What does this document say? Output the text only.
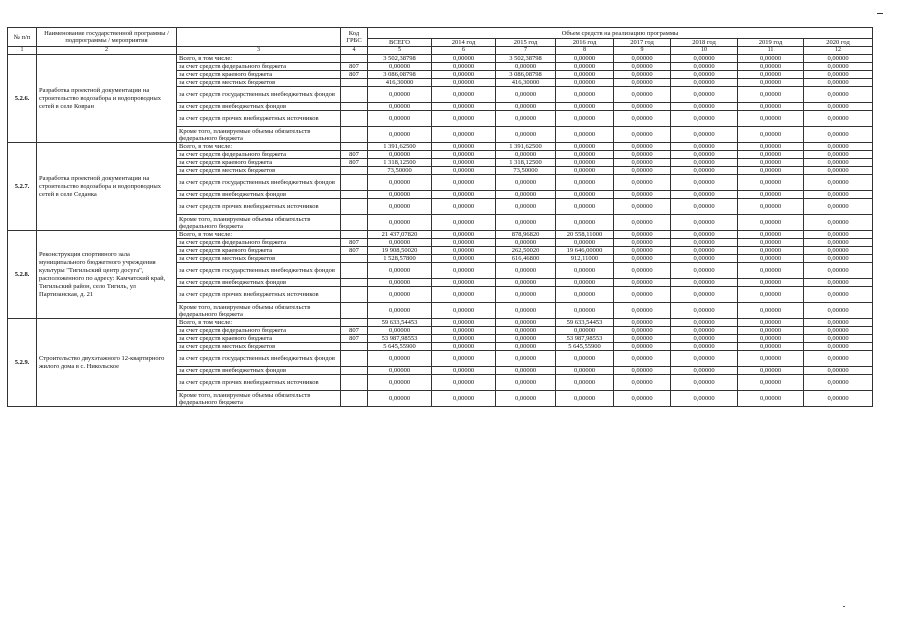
№ п/п	Наименование государственной программы / подпрограммы / мероприятия		Код ГРБС	Объем средств на реализацию программы							
				ВСЕГО	2014 год	2015 год	2016 год	2017 год	2018 год	2019 год	2020 год
1	2	3	4	5	6	7	8	9	10	11	12
5.2.6.	Разработка проектной документации на строительство водозабора и водопроводных сетей в селе Ковран	Всего, в том числе:		3 502,38798	0,00000	3 502,38798	0,00000	0,00000	0,00000	0,00000	0,00000
		за счет средств федерального бюджета	807	0,00000	0,00000	0,00000	0,00000	0,00000	0,00000	0,00000	0,00000
		за счет средств краевого бюджета	807	3 086,08798	0,00000	3 086,08798	0,00000	0,00000	0,00000	0,00000	0,00000
		за счет средств местных бюджетов		416,30000	0,00000	416,30000	0,00000	0,00000	0,00000	0,00000	0,00000
		за счет средств государственных внебюджетных фондов		0,00000	0,00000	0,00000	0,00000	0,00000	0,00000	0,00000	0,00000
		за счет средств внебюджетных фондов		0,00000	0,00000	0,00000	0,00000	0,00000	0,00000	0,00000	0,00000
		за счет средств прочих внебюджетных источников		0,00000	0,00000	0,00000	0,00000	0,00000	0,00000	0,00000	0,00000
		Кроме того, планируемые объемы обязательств федерального бюджета		0,00000	0,00000	0,00000	0,00000	0,00000	0,00000	0,00000	0,00000
5.2.7.	Разработка проектной документации на строительство водозабора и водопроводных сетей в селе Седанка	Всего, в том числе:		1 391,62500	0,00000	1 391,62500	0,00000	0,00000	0,00000	0,00000	0,00000
		за счет средств федерального бюджета	807	0,00000	0,00000	0,00000	0,00000	0,00000	0,00000	0,00000	0,00000
		за счет средств краевого бюджета	807	1 318,12500	0,00000	1 318,12500	0,00000	0,00000	0,00000	0,00000	0,00000
		за счет средств местных бюджетов		73,50000	0,00000	73,50000	0,00000	0,00000	0,00000	0,00000	0,00000
		за счет средств государственных внебюджетных фондов		0,00000	0,00000	0,00000	0,00000	0,00000	0,00000	0,00000	0,00000
		за счет средств внебюджетных фондов		0,00000	0,00000	0,00000	0,00000	0,00000	0,00000	0,00000	0,00000
		за счет средств прочих внебюджетных источников		0,00000	0,00000	0,00000	0,00000	0,00000	0,00000	0,00000	0,00000
		Кроме того, планируемые объемы обязательств федерального бюджета		0,00000	0,00000	0,00000	0,00000	0,00000	0,00000	0,00000	0,00000
5.2.8.	Реконструкция спортивного зала муниципального бюджетного учреждения культуры "Тигильский центр досуга", расположенного по адресу: Камчатский край, Тигильский район, село Тигиль, ул Партизанская, д. 21	Всего, в том числе:		21 437,07820	0,00000	878,96820	20 558,11000	0,00000	0,00000	0,00000	0,00000
		за счет средств федерального бюджета	807	0,00000	0,00000	0,00000	0,00000	0,00000	0,00000	0,00000	0,00000
		за счет средств краевого бюджета	807	19 908,50020	0,00000	262,50020	19 646,00000	0,00000	0,00000	0,00000	0,00000
		за счет средств местных бюджетов		1 528,57800	0,00000	616,46800	912,11000	0,00000	0,00000	0,00000	0,00000
		за счет средств государственных внебюджетных фондов		0,00000	0,00000	0,00000	0,00000	0,00000	0,00000	0,00000	0,00000
		за счет средств внебюджетных фондов		0,00000	0,00000	0,00000	0,00000	0,00000	0,00000	0,00000	0,00000
		за счет средств прочих внебюджетных источников		0,00000	0,00000	0,00000	0,00000	0,00000	0,00000	0,00000	0,00000
		Кроме того, планируемые объемы обязательств федерального бюджета		0,00000	0,00000	0,00000	0,00000	0,00000	0,00000	0,00000	0,00000
5.2.9.	Строительство двухэтажного 12-квартирного жилого дома в с. Никольское	Всего, в том числе:		59 633,54453	0,00000	0,00000	59 633,54453	0,00000	0,00000	0,00000	0,00000
		за счет средств федерального бюджета	807	0,00000	0,00000	0,00000	0,00000	0,00000	0,00000	0,00000	0,00000
		за счет средств краевого бюджета	807	53 987,98553	0,00000	0,00000	53 987,98553	0,00000	0,00000	0,00000	0,00000
		за счет средств местных бюджетов		5 645,55900	0,00000	0,00000	5 645,55900	0,00000	0,00000	0,00000	0,00000
		за счет средств государственных внебюджетных фондов		0,00000	0,00000	0,00000	0,00000	0,00000	0,00000	0,00000	0,00000
		за счет средств внебюджетных фондов		0,00000	0,00000	0,00000	0,00000	0,00000	0,00000	0,00000	0,00000
		за счет средств прочих внебюджетных источников		0,00000	0,00000	0,00000	0,00000	0,00000	0,00000	0,00000	0,00000
		Кроме того, планируемые объемы обязательств федерального бюджета		0,00000	0,00000	0,00000	0,00000	0,00000	0,00000	0,00000	0,00000
